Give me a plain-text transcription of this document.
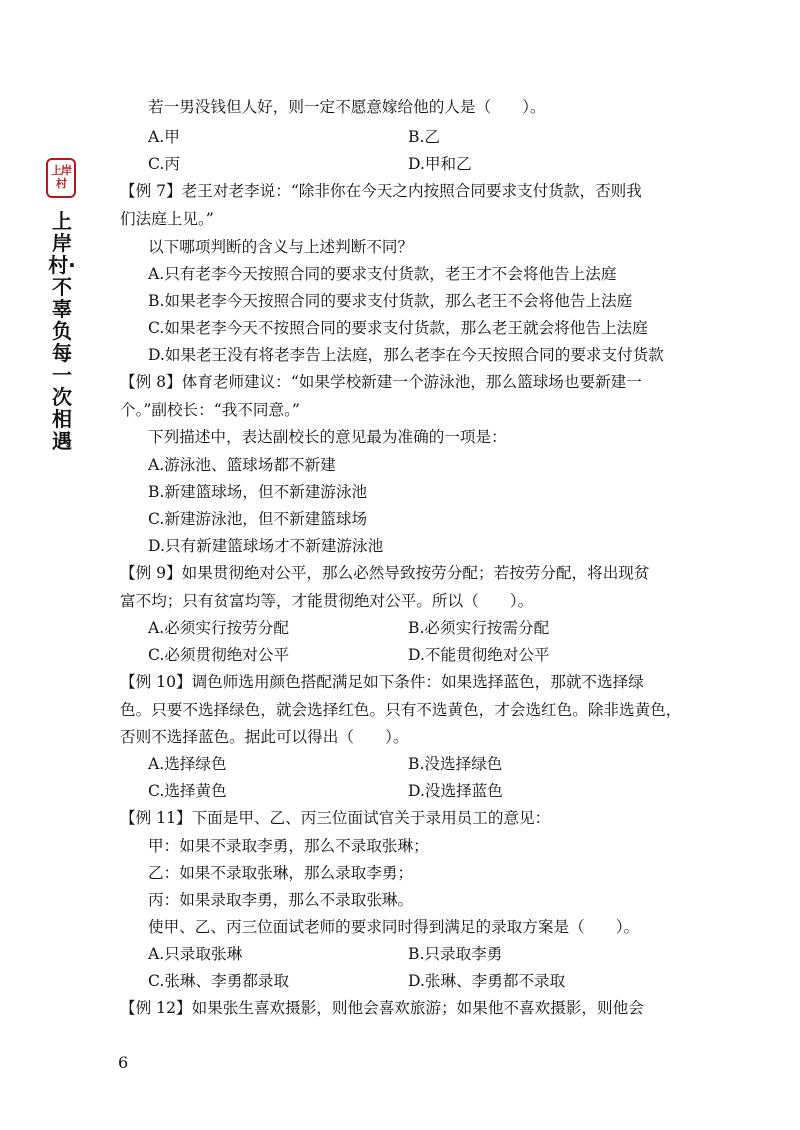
上岸村
上岸村·不辜负每一次相遇
若一男没钱但人好，则一定不愿意嫁给他的人是（　　）。
A.甲	B.乙
C.丙	D.甲和乙
【例 7】老王对老李说：“除非你在今天之内按照合同要求支付货款，否则我
们法庭上见。”
以下哪项判断的含义与上述判断不同？
A.只有老李今天按照合同的要求支付货款，老王才不会将他告上法庭
B.如果老李今天按照合同的要求支付货款，那么老王不会将他告上法庭
C.如果老李今天不按照合同的要求支付货款，那么老王就会将他告上法庭
D.如果老王没有将老李告上法庭，那么老李在今天按照合同的要求支付货款
【例 8】体育老师建议：“如果学校新建一个游泳池，那么篮球场也要新建一
个。”副校长：“我不同意。”
下列描述中，表达副校长的意见最为准确的一项是：
A.游泳池、篮球场都不新建
B.新建篮球场，但不新建游泳池
C.新建游泳池，但不新建篮球场
D.只有新建篮球场才不新建游泳池
【例 9】如果贯彻绝对公平，那么必然导致按劳分配；若按劳分配，将出现贫
富不均；只有贫富均等，才能贯彻绝对公平。所以（　　）。
A.必须实行按劳分配	B.必须实行按需分配
C.必须贯彻绝对公平	D.不能贯彻绝对公平
【例 10】调色师选用颜色搭配满足如下条件：如果选择蓝色，那就不选择绿
色。只要不选择绿色，就会选择红色。只有不选黄色，才会选红色。除非选黄色，
否则不选择蓝色。据此可以得出（　　）。
A.选择绿色	B.没选择绿色
C.选择黄色	D.没选择蓝色
【例 11】下面是甲、乙、丙三位面试官关于录用员工的意见：
甲：如果不录取李勇，那么不录取张琳；
乙：如果不录取张琳，那么录取李勇；
丙：如果录取李勇，那么不录取张琳。
使甲、乙、丙三位面试老师的要求同时得到满足的录取方案是（　　）。
A.只录取张琳	B.只录取李勇
C.张琳、李勇都录取	D.张琳、李勇都不录取
【例 12】如果张生喜欢摄影，则他会喜欢旅游；如果他不喜欢摄影，则他会
6
